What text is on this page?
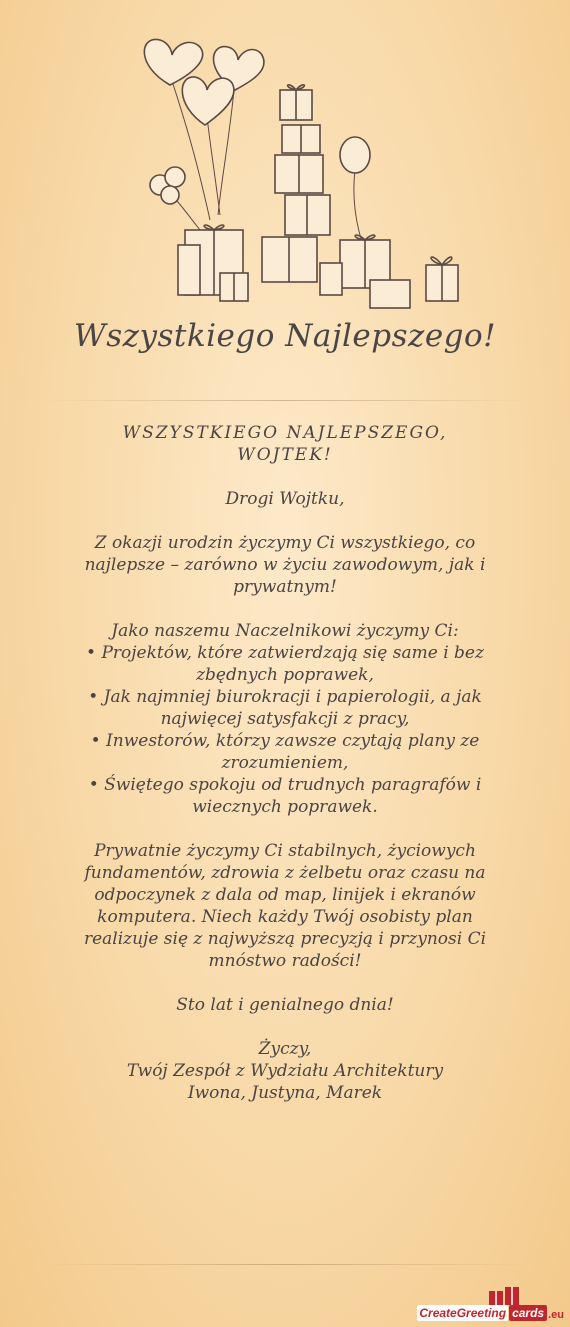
Wszystkiego Najlepszego!

WSZYSTKIEGO NAJLEPSZEGO,

WOJTEK!

Drogi Wojtku,

Z okazji urodzin życzymy Ci wszystkiego, co

najlepsze – zarówno w życiu zawodowym, jak i

prywatnym!

Jako naszemu Naczelnikowi życzymy Ci:

• Projektów, które zatwierdzają się same i bez

zbędnych poprawek,

• Jak najmniej biurokracji i papierologii, a jak

najwięcej satysfakcji z pracy,

• Inwestorów, którzy zawsze czytają plany ze

zrozumieniem,

• Świętego spokoju od trudnych paragrafów i

wiecznych poprawek.

Prywatnie życzymy Ci stabilnych, życiowych

fundamentów, zdrowia z żelbetu oraz czasu na

odpoczynek z dala od map, linijek i ekranów

komputera. Niech każdy Twój osobisty plan

realizuje się z najwyższą precyzją i przynosi Ci

mnóstwo radości!

Sto lat i genialnego dnia!

Życzy,

Twój Zespół z Wydziału Architektury

Iwona, Justyna, Marek

CreateGreeting cards .eu
